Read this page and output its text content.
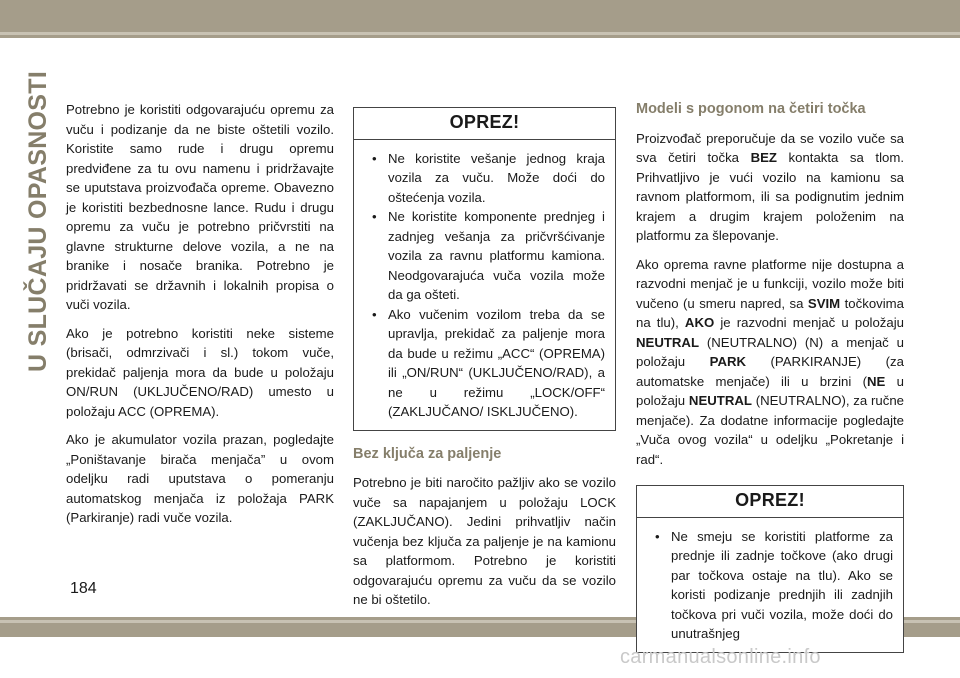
U SLUČAJU OPASNOSTI Potrebno je koristiti odgovarajuću opremu za vuču i podizanje da ne biste oštetili vozilo. Koristite samo rude i drugu opremu predviđene za tu ovu namenu i pridržavajte se uputstava proizvođača opreme. Obavezno je koristiti bezbednosne lance. Rudu i drugu opremu za vuču je potrebno pričvrstiti na glavne strukturne delove vozila, a ne na branike i nosače branika. Potrebno je pridržavati se državnih i lokalnih propisa o vuči vozila.

Ako je potrebno koristiti neke sisteme (brisači, odmrzivači i sl.) tokom vuče, prekidač paljenja mora da bude u položaju ON/RUN (UKLJUČENO/RAD) umesto u položaju ACC (OPREMA).

Ako je akumulator vozila prazan, pogledajte „Poništavanje birača menjača” u ovom odeljku radi uputstava o pomeranju automatskog menjača iz položaja PARK (Parkiranje) radi vuče vozila.

OPREZ!
• Ne koristite vešanje jednog kraja vozila za vuču. Može doći do oštećenja vozila.
• Ne koristite komponente prednjeg i zadnjeg vešanja za pričvršćivanje vozila za ravnu platformu kamiona. Neodgovarajuća vuča vozila može da ga ošteti.
• Ako vučenim vozilom treba da se upravlja, prekidač za paljenje mora da bude u režimu „ACC“ (OPREMA) ili „ON/RUN“ (UKLJUČENO/RAD), a ne u režimu „LOCK/OFF“ (ZAKLJUČANO/ ISKLJUČENO).
Bez ključa za paljenje

Potrebno je biti naročito pažljiv ako se vozilo vuče sa napajanjem u položaju LOCK (ZAKLJUČANO). Jedini prihvatljiv način vučenja bez ključa za paljenje je na kamionu sa platformom. Potrebno je koristiti odgovarajuću opremu za vuču da se vozilo ne bi oštetilo.

Modeli s pogonom na četiri točka

Proizvođač preporučuje da se vozilo vuče sa sva četiri točka BEZ kontakta sa tlom. Prihvatljivo je vući vozilo na kamionu sa ravnom platformom, ili sa podignutim jednim krajem a drugim krajem položenim na platformu za šlepovanje.

Ako oprema ravne platforme nije dostupna a razvodni menjač je u funkciji, vozilo može biti vučeno (u smeru napred, sa SVIM točkovima na tlu), AKO je razvodni menjač u položaju NEUTRAL (NEUTRALNO) (N) a menjač u položaju PARK (PARKIRANJE) (za automatske menjače) ili u brzini (NE u položaju NEUTRAL (NEUTRALNO), za ručne menjače). Za dodatne informacije pogledajte „Vuča ovog vozila“ u odeljku „Pokretanje i rad“.

OPREZ!
• Ne smeju se koristiti platforme za prednje ili zadnje točkove (ako drugi par točkova ostaje na tlu). Ako se koristi podizanje prednjih ili zadnjih točkova pri vuči vozila, može doći do unutrašnjeg
184
carmanualsonline.info
